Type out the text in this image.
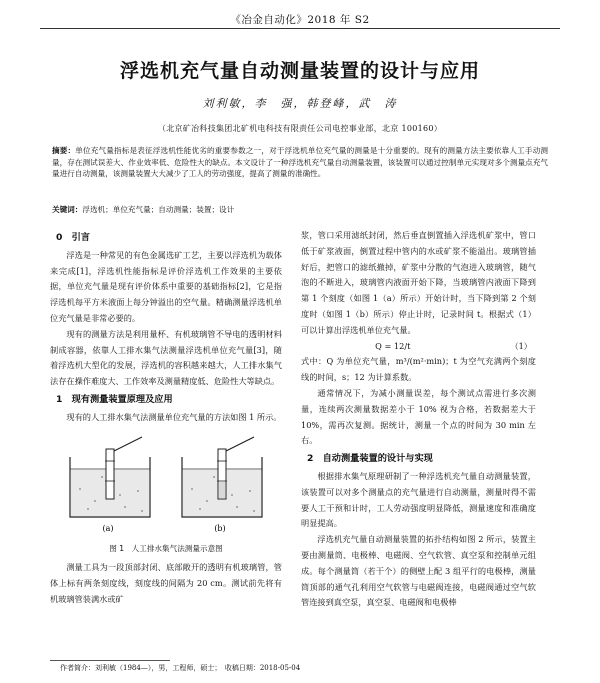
《冶金自动化》2018 年 S2
浮选机充气量自动测量装置的设计与应用
刘利敏，李　强，韩登峰，武　涛
（北京矿冶科技集团北矿机电科技有限责任公司电控事业部，北京 100160）
摘要：单位充气量指标是表征浮选机性能优劣的重要参数之一，对于浮选机单位充气量的测量是十分重要的。现有的测量方法主要依靠人工手动测量，存在测试误差大、作业效率低、危险性大的缺点。本文设计了一种浮选机充气量自动测量装置，该装置可以通过控制单元实现对多个测量点充气量进行自动测量，该测量装置大大减少了工人的劳动强度，提高了测量的准确性。
关键词：浮选机；单位充气量；自动测量；装置；设计
0　引言

浮选是一种常见的有色金属选矿工艺，主要以浮选机为载体来完成[1]，浮选机性能指标是评价浮选机工作效果的主要依据，单位充气量是现有评价体系中重要的基础指标[2]，它是指浮选机每平方米液面上每分钟溢出的空气量。精确测量浮选机单位充气量是非常必要的。

现有的测量方法是利用量杯、有机玻璃管不导电的透明材料制成容器，依靠人工排水集气法测量浮选机单位充气量[3]，随着浮选机大型化的发展，浮选机的容积越来越大，人工排水集气法存在操作难度大、工作效率及测量精度低、危险性大等缺点。

1　现有测量装置原理及应用

现有的人工排水集气法测量单位充气量的方法如图 1 所示。

(a)	(b)
图 1　人工排水集气法测量示意图

测量工具为一段顶部封闭、底部敞开的透明有机玻璃管，管体上标有两条刻度线，刻度线的间隔为 20 cm。测试前先将有机玻璃管装满水或矿

浆，管口采用滤纸封闭，然后垂直倒置插入浮选机矿浆中，管口低于矿浆液面，倒置过程中管内的水或矿浆不能溢出。玻璃管插好后，把管口的滤纸撤掉，矿浆中分散的气泡进入玻璃管，随气泡的不断进入，玻璃管内液面开始下降，当玻璃管内液面下降到第 1 个刻度（如图 1（a）所示）开始计时，当下降到第 2 个刻度时（如图 1（b）所示）停止计时，记录时间 t。根据式（1）可以计算出浮选机单位充气量。

Q = 12/t	（1）

式中：Q 为单位充气量，m³/(m²·min)；t 为空气充满两个刻度线的时间，s；12 为计算系数。

通常情况下，为减小测量误差，每个测试点需进行多次测量，连续两次测量数据差小于 10% 视为合格，若数据差大于 10%，需再次复测。据统计，测量一个点的时间为 30 min 左右。

2　自动测量装置的设计与实现

根据排水集气原理研制了一种浮选机充气量自动测量装置，该装置可以对多个测量点的充气量进行自动测量，测量时得不需要人工干预和计时，工人劳动强度明显降低，测量速度和准确度明显提高。

浮选机充气量自动测量装置的拓扑结构如图 2 所示，装置主要由测量筒、电极棒、电磁阀、空气软管、真空泵和控制单元组成。每个测量筒（若干个）的侧壁上配 3 组平行的电极棒，测量筒顶部的通气孔利用空气软管与电磁阀连接，电磁阀通过空气软管连接到真空泵，真空泵、电磁阀和电极棒

作者简介：刘利敏（1984—），男，工程师，硕士；　收稿日期：2018-05-04
